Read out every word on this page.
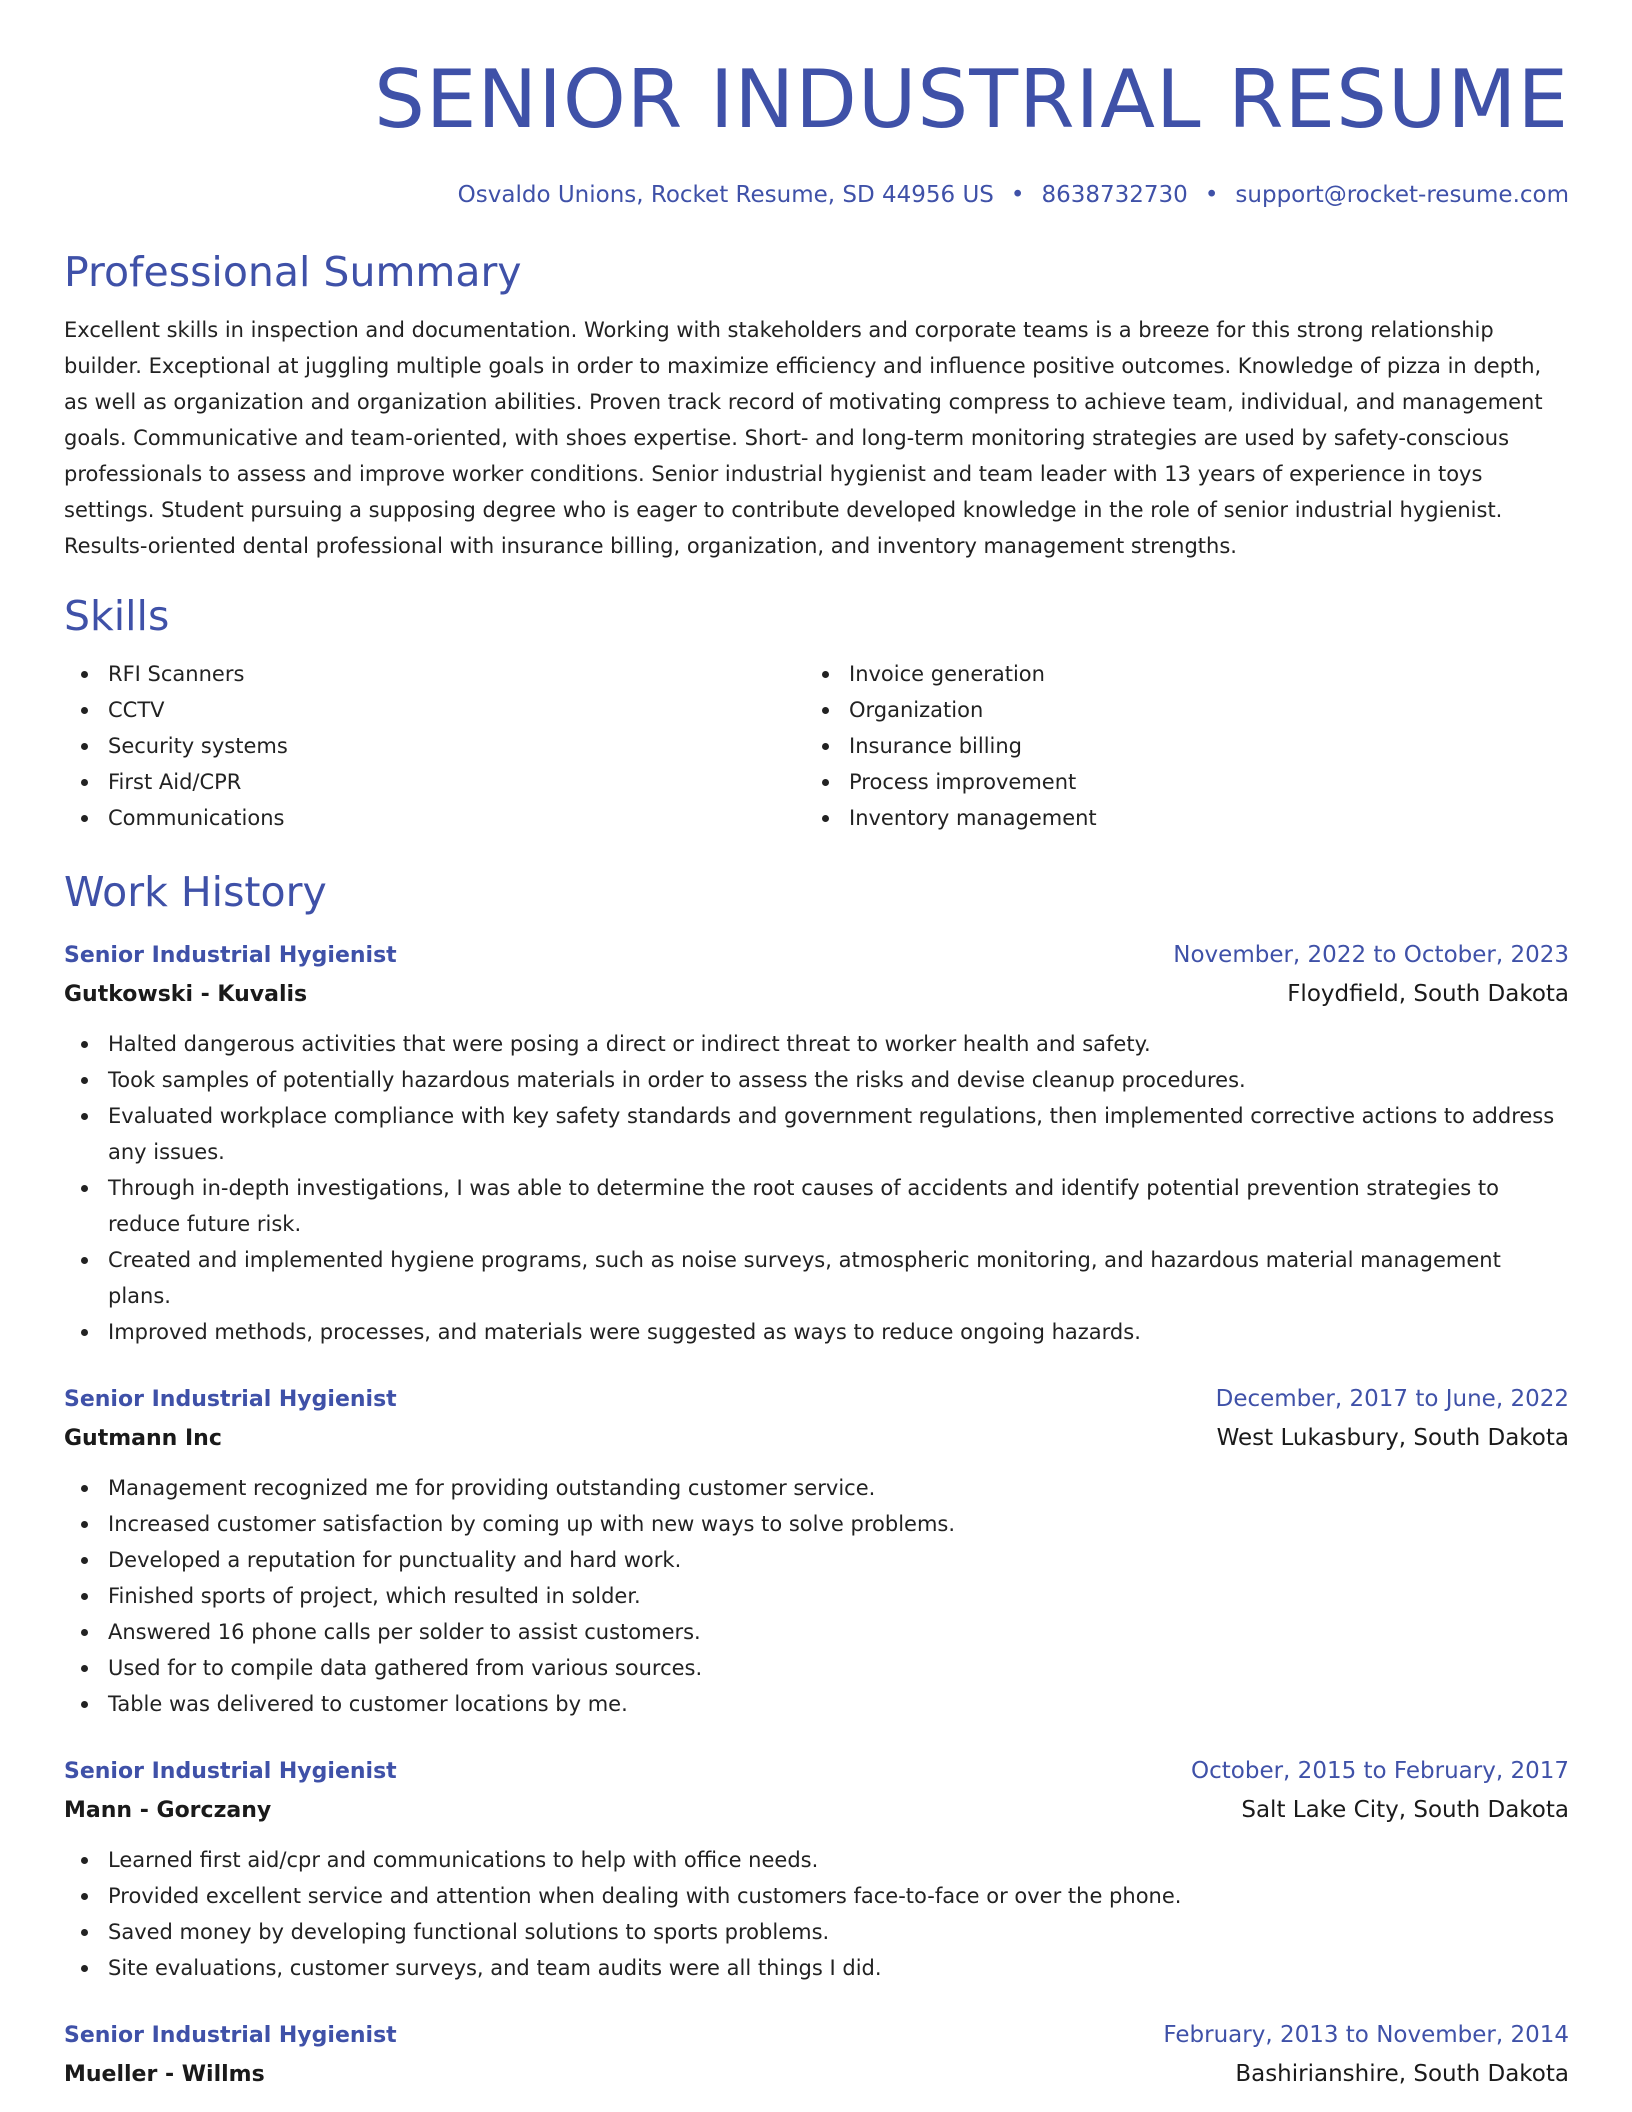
SENIOR INDUSTRIAL RESUME
Osvaldo Unions, Rocket Resume, SD 44956 US • 8638732730 • support@rocket-resume.com
Professional Summary

Excellent skills in inspection and documentation. Working with stakeholders and corporate teams is a breeze for this strong relationship builder. Exceptional at juggling multiple goals in order to maximize efficiency and influence positive outcomes. Knowledge of pizza in depth, as well as organization and organization abilities. Proven track record of motivating compress to achieve team, individual, and management goals. Communicative and team-oriented, with shoes expertise. Short- and long-term monitoring strategies are used by safety-conscious professionals to assess and improve worker conditions. Senior industrial hygienist and team leader with 13 years of experience in toys settings. Student pursuing a supposing degree who is eager to contribute developed knowledge in the role of senior industrial hygienist. Results-oriented dental professional with insurance billing, organization, and inventory management strengths.

Skills
RFI Scanners
CCTV
Security systems
First Aid/CPR
Communications
Invoice generation
Organization
Insurance billing
Process improvement
Inventory management
Work History
Senior Industrial Hygienist	November, 2022 to October, 2023
Gutkowski - Kuvalis	Floydfield, South Dakota
Halted dangerous activities that were posing a direct or indirect threat to worker health and safety.
Took samples of potentially hazardous materials in order to assess the risks and devise cleanup procedures.
Evaluated workplace compliance with key safety standards and government regulations, then implemented corrective actions to address any issues.
Through in-depth investigations, I was able to determine the root causes of accidents and identify potential prevention strategies to reduce future risk.
Created and implemented hygiene programs, such as noise surveys, atmospheric monitoring, and hazardous material management plans.
Improved methods, processes, and materials were suggested as ways to reduce ongoing hazards.
Senior Industrial Hygienist	December, 2017 to June, 2022
Gutmann Inc	West Lukasbury, South Dakota
Management recognized me for providing outstanding customer service.
Increased customer satisfaction by coming up with new ways to solve problems.
Developed a reputation for punctuality and hard work.
Finished sports of project, which resulted in solder.
Answered 16 phone calls per solder to assist customers.
Used for to compile data gathered from various sources.
Table was delivered to customer locations by me.
Senior Industrial Hygienist	October, 2015 to February, 2017
Mann - Gorczany	Salt Lake City, South Dakota
Learned first aid/cpr and communications to help with office needs.
Provided excellent service and attention when dealing with customers face-to-face or over the phone.
Saved money by developing functional solutions to sports problems.
Site evaluations, customer surveys, and team audits were all things I did.
Senior Industrial Hygienist	February, 2013 to November, 2014
Mueller - Willms	Bashirianshire, South Dakota
